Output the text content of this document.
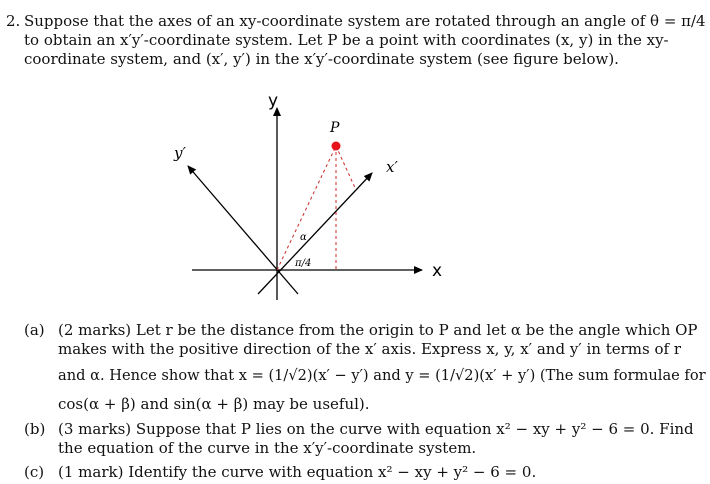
2. Suppose that the axes of an xy-coordinate system are rotated through an angle of θ = π/4
to obtain an x′y′-coordinate system. Let P be a point with coordinates (x, y) in the xy-
coordinate system, and (x′, y′) in the x′y′-coordinate system (see figure below).
y
x
y′
x′
P
α
π/4
(a) (2 marks) Let r be the distance from the origin to P and let α be the angle which OP
makes with the positive direction of the x′ axis. Express x, y, x′ and y′ in terms of r
and α. Hence show that x = (1/√2)(x′ − y′) and y = (1/√2)(x′ + y′) (The sum formulae for
cos(α + β) and sin(α + β) may be useful).
(b) (3 marks) Suppose that P lies on the curve with equation x² − xy + y² − 6 = 0. Find
the equation of the curve in the x′y′-coordinate system.
(c) (1 mark) Identify the curve with equation x² − xy + y² − 6 = 0.
